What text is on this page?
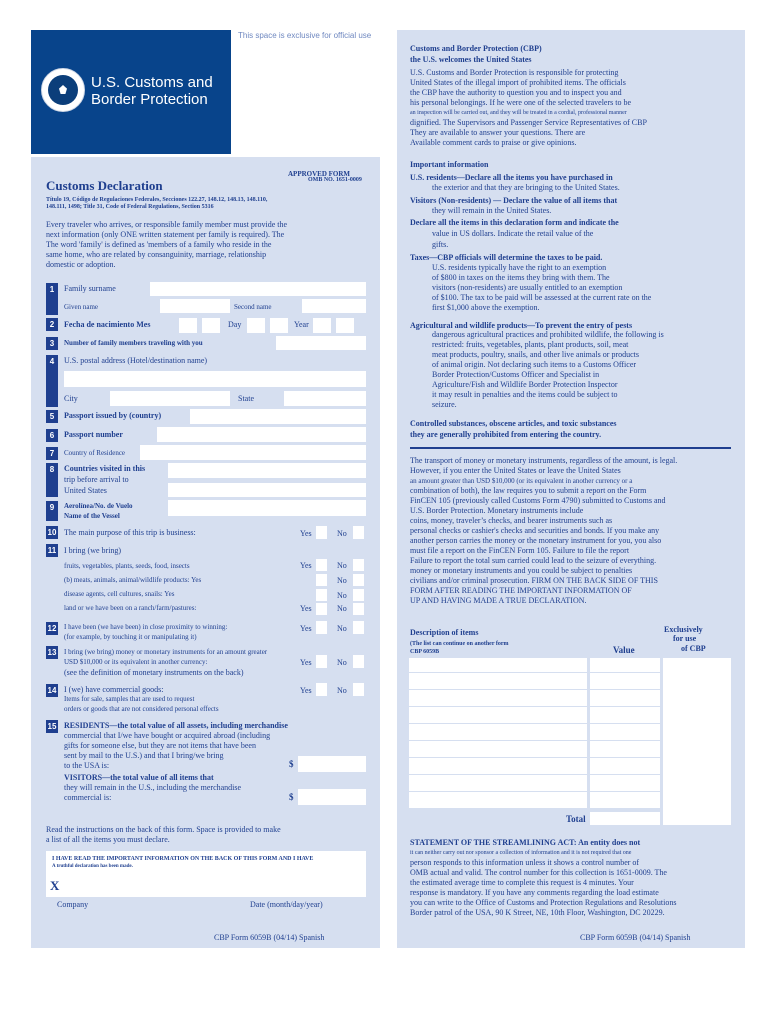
U.S. Customs and
Border Protection
This space is exclusive for official use
APPROVED FORM
OMB NO. 1651-0009
Customs Declaration
Título 19, Código de Regulaciones Federales, Secciones 122.27, 148.12, 148.13, 148.110,
148.111, 1498; Title 31, Code of Federal Regulations, Section 5316
Every traveler who arrives, or responsible family member must provide the
next information (only ONE written statement per family is required). The
The word 'family' is defined as 'members of a family who reside in the
same home, who are related by consanguinity, marriage, relationship
domestic or adoption.
1	Family surname
Given name	Second name
2	Fecha de nacimiento Mes	Day	Year
3	Number of family members traveling with you
4	U.S. postal address (Hotel/destination name)
City	State
5	Passport issued by (country)
6	Passport number
7	Country of Residence
8	Countries visited in this
trip before arrival to
United States
9	Aerolínea/No. de Vuelo
Name of the Vessel
10 The main purpose of this trip is business:	Yes	No
11 I bring (we bring)
fruits, vegetables, plants, seeds, food, insects	Yes	No
(b) meats, animals, animal/wildlife products: Yes	No
disease agents, cell cultures, snails: Yes	No
land or we have been on a ranch/farm/pastures:	Yes	No
12 I have been (we have been) in close proximity to winning:
(for example, by touching it or manipulating it)
Yes	No
13 I bring (we bring) money or monetary instruments for an amount greater
USD $10,000 or its equivalent in another currency:
(see the definition of monetary instruments on the back)
Yes	No
14 I (we) have commercial goods:
Items for sale, samples that are used to request
orders or goods that are not considered personal effects
Yes	No
15 RESIDENTS—the total value of all assets, including merchandise
commercial that I/we have bought or acquired abroad (including
gifts for someone else, but they are not items that have been
sent by mail to the U.S.) and that I bring/we bring
to the USA is:	$
VISITORS—the total value of all items that
they will remain in the U.S., including the merchandise
commercial is:	$
Read the instructions on the back of this form. Space is provided to make
a list of all the items you must declare.
I HAVE READ THE IMPORTANT INFORMATION ON THE BACK OF THIS FORM AND I HAVE
A truthful declaration has been made.
X
Company	Date (month/day/year)
CBP Form 6059B (04/14) Spanish
Customs and Border Protection (CBP)
the U.S. welcomes the United States
U.S. Customs and Border Protection is responsible for protecting
United States of the illegal import of prohibited items. The officials
the CBP have the authority to question you and to inspect you and
his personal belongings. If he were one of the selected travelers to be
an inspection will be carried out, and they will be treated in a cordial, professional manner
dignified. The Supervisors and Passenger Service Representatives of CBP
They are available to answer your questions. There are
Available comment cards to praise or give opinions.
Important information
U.S. residents—Declare all the items you have purchased in
the exterior and that they are bringing to the United States.
Visitors (Non-residents) — Declare the value of all items that
they will remain in the United States.
Declare all the items in this declaration form and indicate the
value in US dollars. Indicate the retail value of the
gifts.
Taxes—CBP officials will determine the taxes to be paid.
U.S. residents typically have the right to an exemption
of $800 in taxes on the items they bring with them. The
visitors (non-residents) are usually entitled to an exemption
of $100. The tax to be paid will be assessed at the current rate on the
first $1,000 above the exemption.
Agricultural and wildlife products—To prevent the entry of pests
dangerous agricultural practices and prohibited wildlife, the following is
restricted: fruits, vegetables, plants, plant products, soil, meat
meat products, poultry, snails, and other live animals or products
of animal origin. Not declaring such items to a Customs Officer
Border Protection/Customs Officer and Specialist in
Agriculture/Fish and Wildlife Border Protection Inspector
it may result in penalties and the items could be subject to
seizure.
Controlled substances, obscene articles, and toxic substances
they are generally prohibited from entering the country.
The transport of money or monetary instruments, regardless of the amount, is legal.
However, if you enter the United States or leave the United States
an amount greater than USD $10,000 (or its equivalent in another currency or a
combination of both), the law requires you to submit a report on the Form
FinCEN 105 (previously called Customs Form 4790) submitted to Customs and
U.S. Border Protection. Monetary instruments include
coins, money, traveler’s checks, and bearer instruments such as
personal checks or cashier's checks and securities and bonds. If you make any
another person carries the money or the monetary instrument for you, you also
must file a report on the FinCEN Form 105. Failure to file the report
Failure to report the total sum carried could lead to the seizure of everything.
money or monetary instruments and you could be subject to penalties
civilians and/or criminal prosecution. FIRM ON THE BACK SIDE OF THIS
FORM AFTER READING THE IMPORTANT INFORMATION OF
UP AND HAVING MADE A TRUE DECLARATION.
Description of items
(The list can continue on another form
CBP 6059B	Value
Exclusively
for use
of CBP
Total
STATEMENT OF THE STREAMLINING ACT: An entity does not
it can neither carry out nor sponsor a collection of information and it is not required that one
person responds to this information unless it shows a control number of
OMB actual and valid. The control number for this collection is 1651-0009. The
the estimated average time to complete this request is 4 minutes. Your
response is mandatory. If you have any comments regarding the load estimate
you can write to the Office of Customs and Protection Regulations and Resolutions
Border patrol of the USA, 90 K Street, NE, 10th Floor, Washington, DC 20229.
CBP Form 6059B (04/14) Spanish
